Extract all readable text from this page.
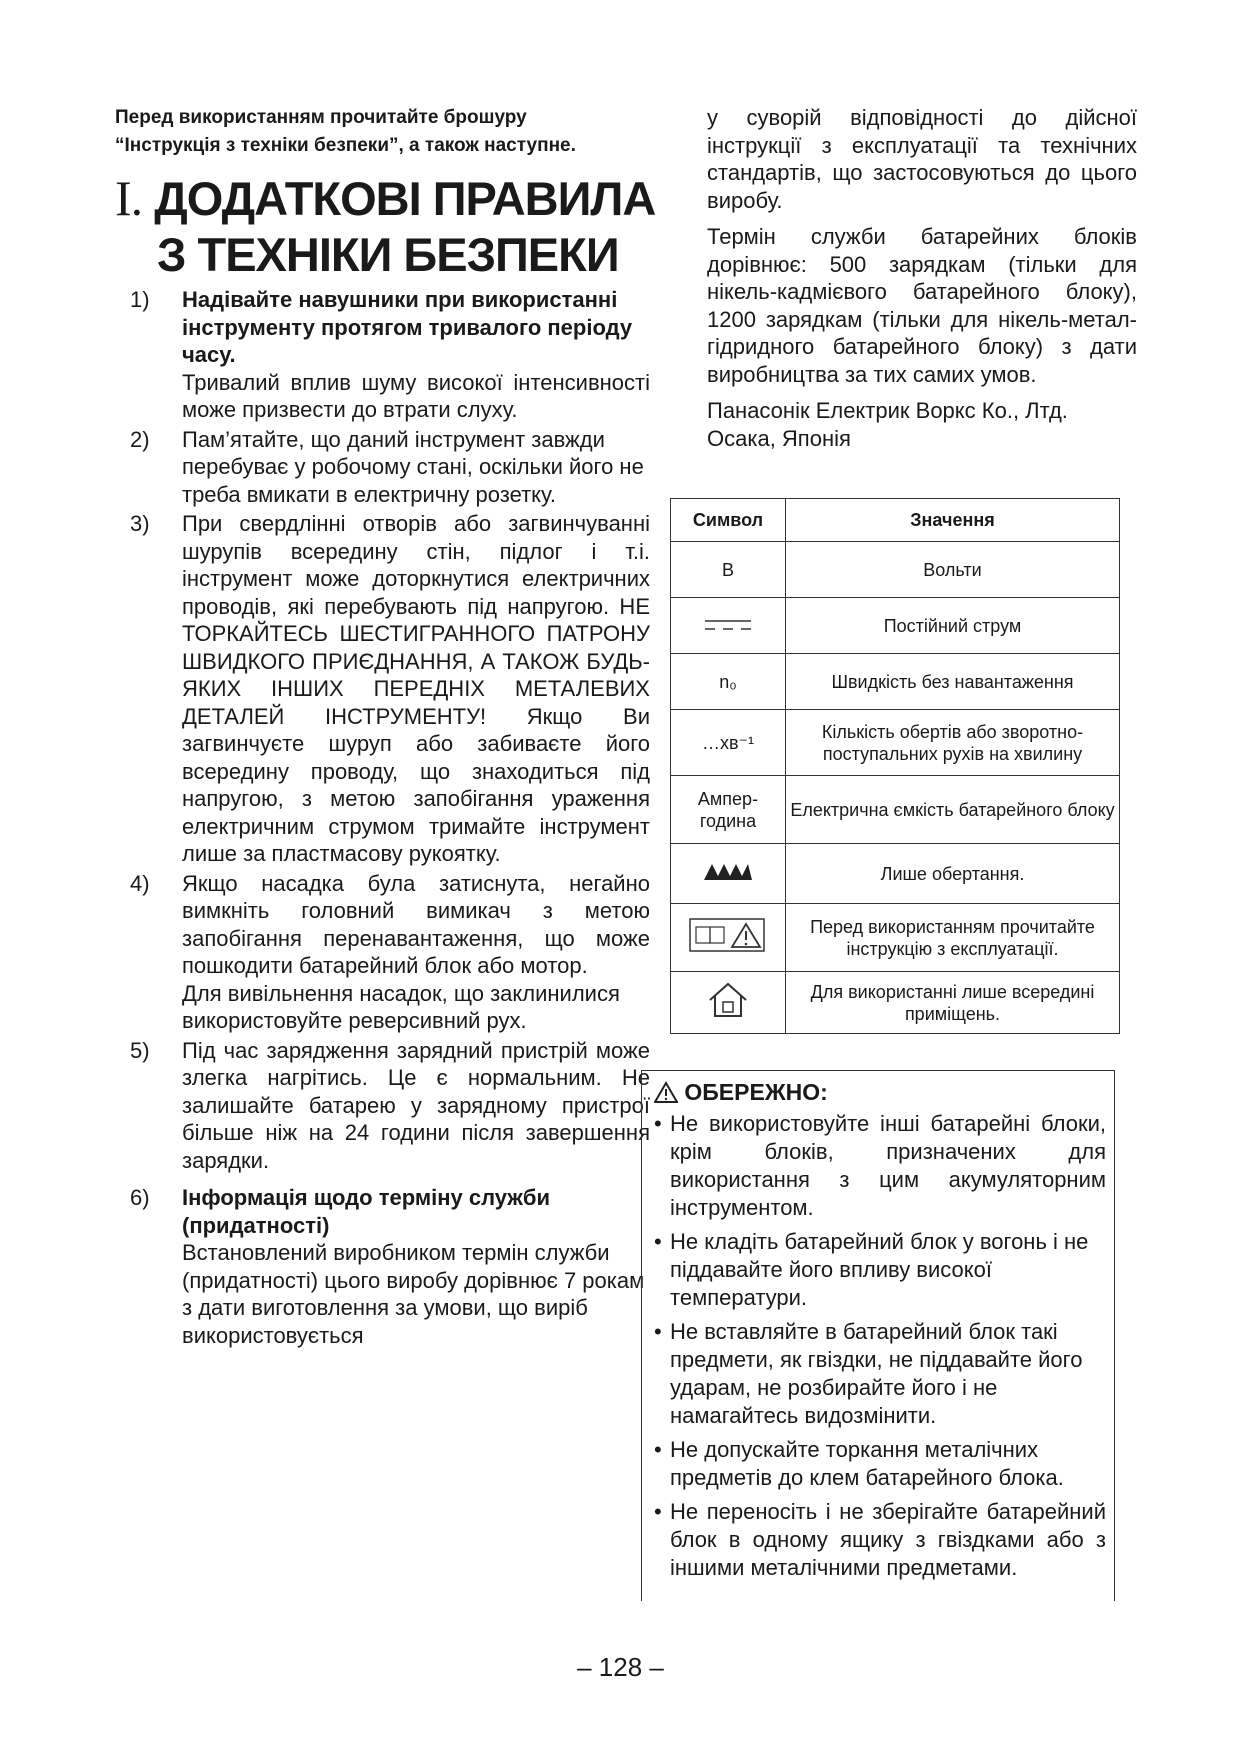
Перед використанням прочитайте брошуру
“Інструкція з техніки безпеки”, а також наступне.
I. ДОДАТКОВІ ПРАВИЛА
З ТЕХНІКИ БЕЗПЕКИ
1) Надівайте навушники при використанні інструменту протягом тривалого періоду часу.

Тривалий вплив шуму високої інтенсивності може призвести до втрати слуху.

2) Пам’ятайте, що даний інструмент завжди перебуває у робочому стані, оскільки його не треба вмикати в електричну розетку.

3) При свердлінні отворів або загвинчуванні шурупів всередину стін, підлог і т.і. інструмент може доторкнутися електричних проводів, які перебувають під напругою. НЕ ТОРКАЙТЕСЬ ШЕСТИГРАННОГО ПАТРОНУ ШВИДКОГО ПРИЄДНАННЯ, А ТАКОЖ БУДЬ-ЯКИХ ІНШИХ ПЕРЕДНІХ МЕТАЛЕВИХ ДЕТАЛЕЙ ІНСТРУМЕНТУ! Якщо Ви загвинчуєте шуруп або забиваєте його всередину проводу, що знаходиться під напругою, з метою запобігання ураження електричним струмом тримайте інструмент лише за пластмасову рукоятку.

4) Якщо насадка була затиснута, негайно вимкніть головний вимикач з метою запобігання перенавантаження, що може пошкодити батарейний блок або мотор.

Для вивільнення насадок, що заклинилися використовуйте реверсивний рух.

5) Під час зарядження зарядний пристрій може злегка нагрітись. Це є нормальним. Не залишайте батарею у зарядному пристрої більше ніж на 24 години після завершення зарядки.

6) Інформація щодо терміну служби (придатності)

Встановлений виробником термін служби (придатності) цього виробу дорівнює 7 рокам з дати виготовлення за умови, що виріб використовується

у суворій відповідності до дійсної інструкції з експлуатації та технічних стандартів, що застосовуються до цього виробу.

Термін служби батарейних блоків дорівнює: 500 зарядкам (тільки для нікель-кадмієвого батарейного блоку), 1200 зарядкам (тільки для нікель-метал-гідридного батарейного блоку) з дати виробництва за тих самих умов.

Панасонік Електрик Воркс Ко., Лтд.
Осака, Японія

Символ	Значення
В	Вольти
	Постійний струм
n₀	Швидкість без навантаження
…хв⁻¹	Кількість обертів або зворотно-поступальних рухів на хвилину
Ампер-година	Електрична ємкість батарейного блоку
	Лише обертання.
	Перед використанням прочитайте інструкцію з експлуатації.
	Для використанні лише всередині приміщень.
ОБЕРЕЖНО:
• Не використовуйте інші батарейні блоки, крім блоків, призначених для використання з цим акумуляторним інструментом.
• Не кладіть батарейний блок у вогонь і не піддавайте його впливу високої температури.
• Не вставляйте в батарейний блок такі предмети, як гвіздки, не піддавайте його ударам, не розбирайте його і не намагайтесь видозмінити.
• Не допускайте торкання металічних предметів до клем батарейного блока.
• Не переносіть і не зберігайте батарейний блок в одному ящику з гвіздками або з іншими металічними предметами.
– 128 –
